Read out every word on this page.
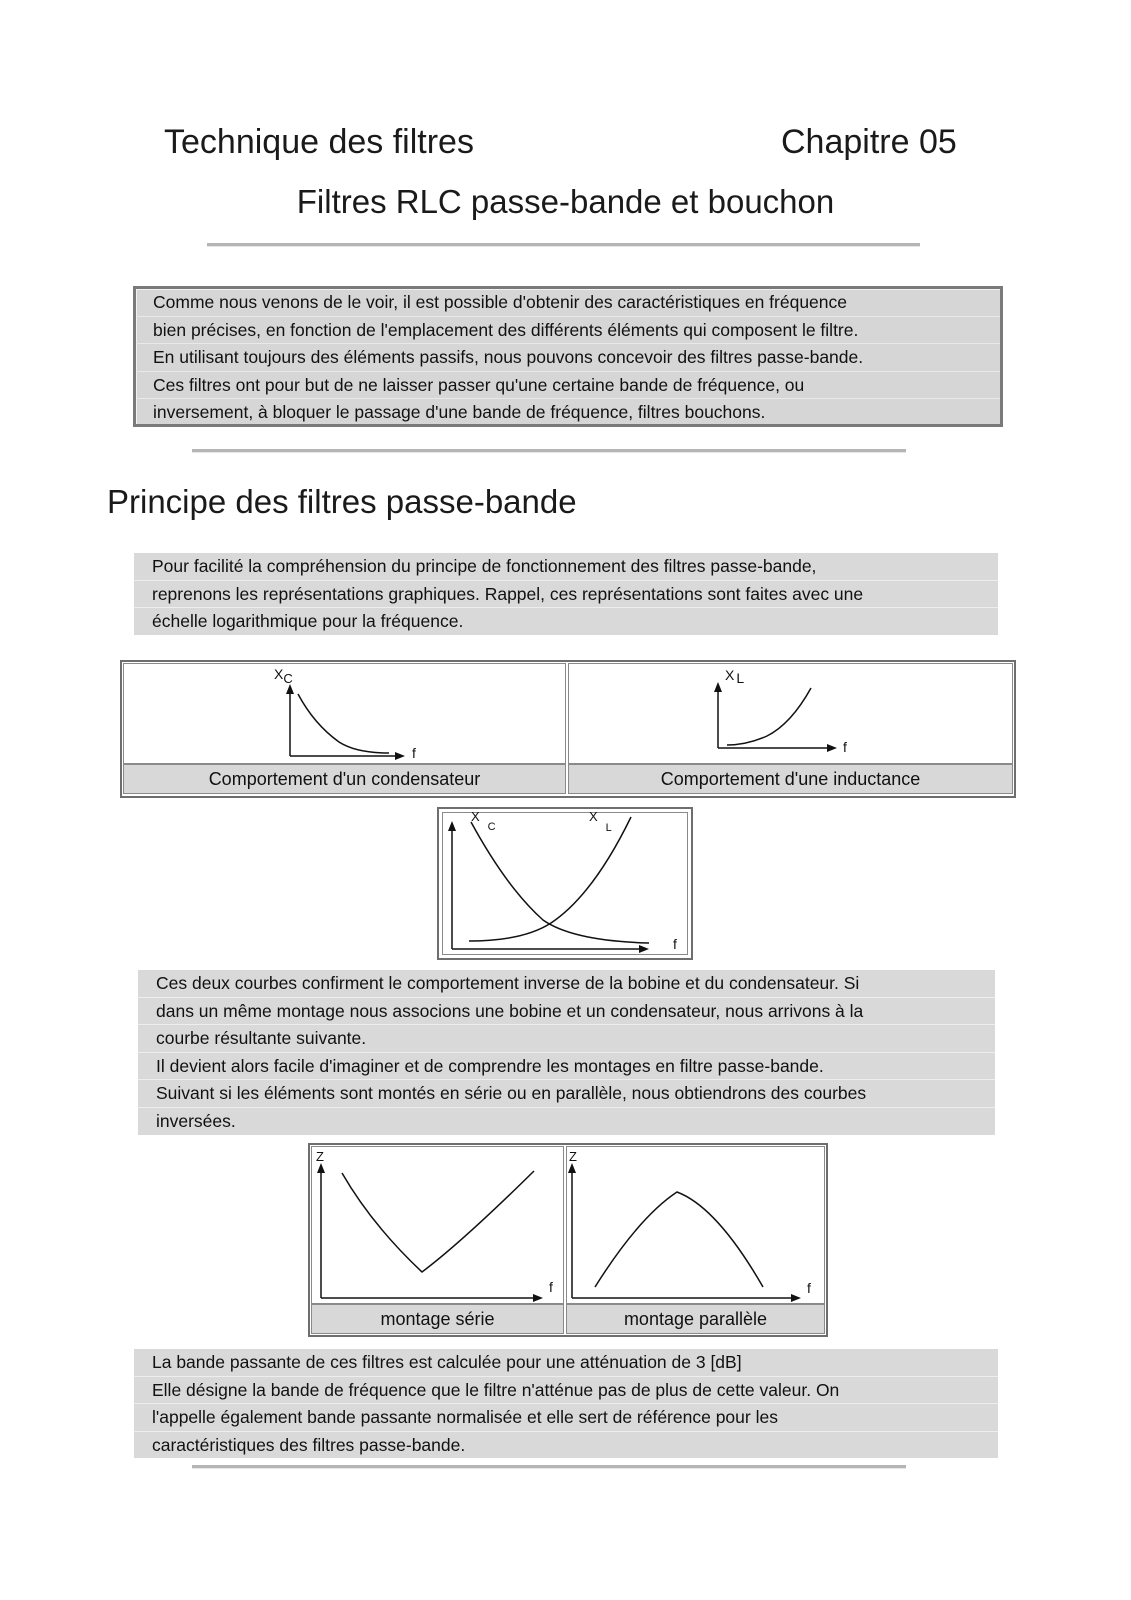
Technique des filtres	Chapitre 05
Filtres RLC passe-bande et bouchon
Comme nous venons de le voir, il est possible d'obtenir des caractéristiques en fréquence
bien précises, en fonction de l'emplacement des différents éléments qui composent le filtre.
En utilisant toujours des éléments passifs, nous pouvons concevoir des filtres passe-bande.
Ces filtres ont pour but de ne laisser passer qu'une certaine bande de fréquence, ou
inversement, à bloquer le passage d'une bande de fréquence, filtres bouchons.
Principe des filtres passe-bande
Pour facilité la compréhension du principe de fonctionnement des filtres passe-bande,
reprenons les représentations graphiques. Rappel, ces représentations sont faites avec une
échelle logarithmique pour la fréquence.
XC
f
X L
f
Comportement d'un condensateur	Comportement d'une inductance
$X_C$
$X_L$
f
Ces deux courbes confirment le comportement inverse de la bobine et du condensateur. Si
dans un même montage nous associons une bobine et un condensateur, nous arrivons à la
courbe résultante suivante.
Il devient alors facile d'imaginer et de comprendre les montages en filtre passe-bande.
Suivant si les éléments sont montés en série ou en parallèle, nous obtiendrons des courbes
inversées.
Z
f
Z
f
montage série	montage parallèle
La bande passante de ces filtres est calculée pour une atténuation de 3 [dB]
Elle désigne la bande de fréquence que le filtre n'atténue pas de plus de cette valeur. On
l'appelle également bande passante normalisée et elle sert de référence pour les
caractéristiques des filtres passe-bande.
